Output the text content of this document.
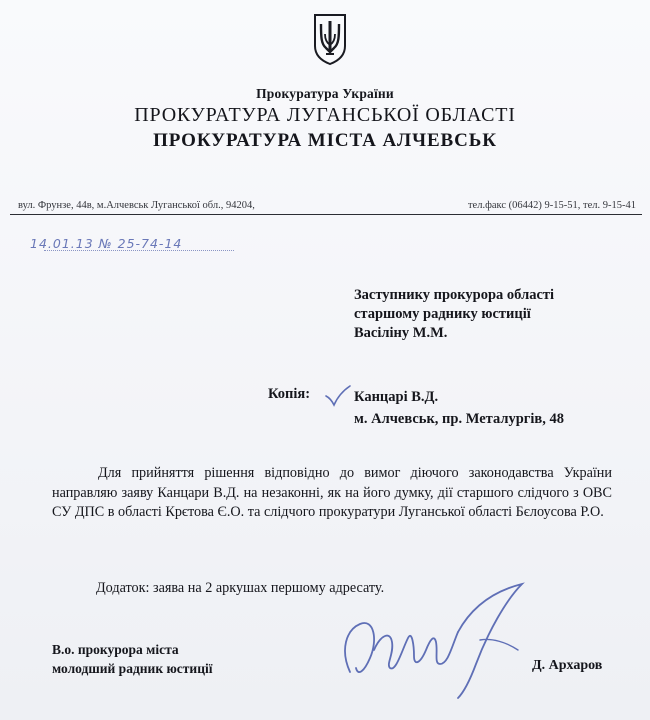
Прокуратура України
ПРОКУРАТУРА ЛУГАНСЬКОЇ ОБЛАСТІ
ПРОКУРАТУРА МІСТА АЛЧЕВСЬК
вул. Фрунзе, 44в, м.Алчевськ Луганської обл., 94204,	тел.факс (06442) 9-15-51, тел. 9-15-41
14.01.13 № 25-74-14
Заступнику прокурора області
старшому раднику юстиції
Васіліну М.М.
Копія:	Канцарі В.Д.
м. Алчевськ, пр. Металургів, 48
Для прийняття рішення відповідно до вимог діючого законодавства України направляю заяву Канцари В.Д. на незаконні, як на його думку, дії старшого слідчого з ОВС СУ ДПС в області Крєтова Є.О. та слідчого прокуратури Луганської області Бєлоусова Р.О.
Додаток: заява на 2 аркушах першому адресату.
В.о. прокурора міста
молодший радник юстиції	Д. Архаров
